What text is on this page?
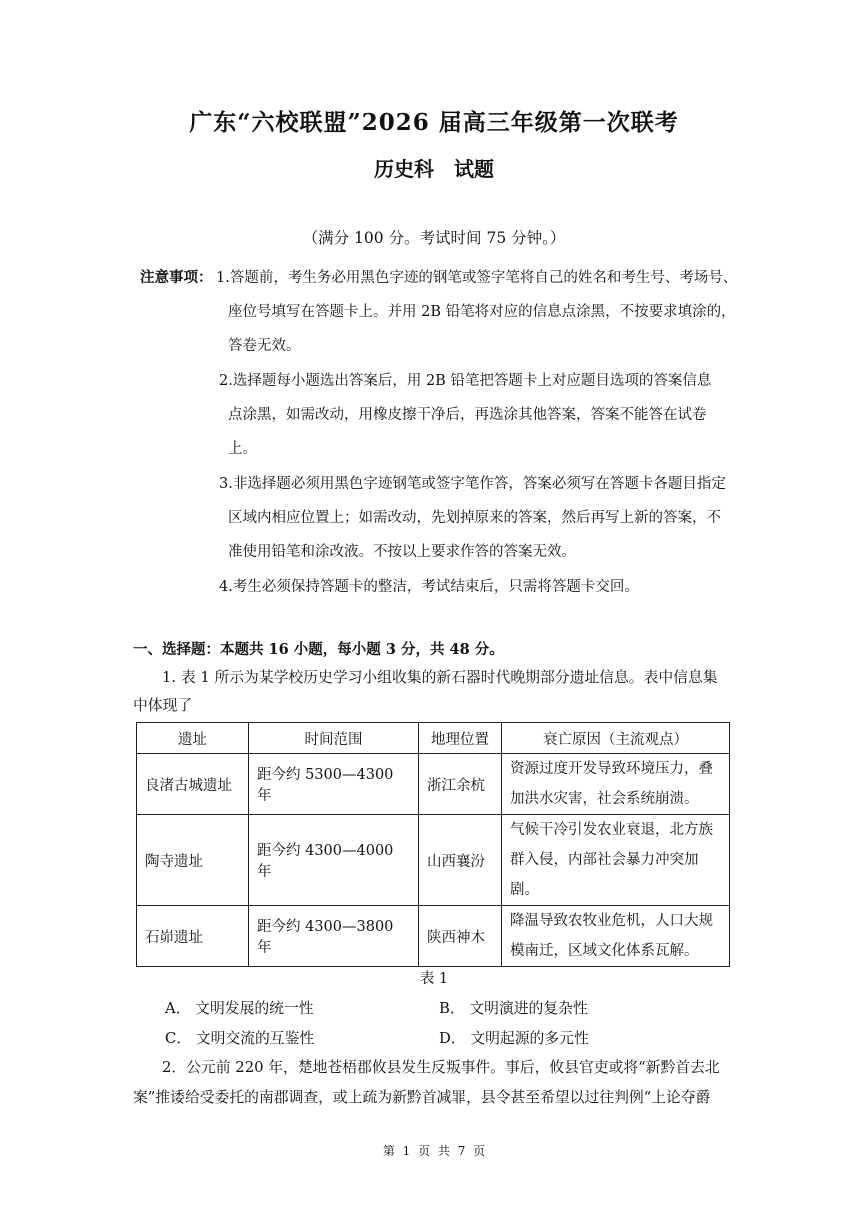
广东“六校联盟”2026 届高三年级第一次联考
历史科　试题
（满分 100 分。考试时间 75 分钟。）
注意事项： 1.答题前，考生务必用黑色字迹的钢笔或签字笔将自己的姓名和考生号、考场号、
座位号填写在答题卡上。并用 2B 铅笔将对应的信息点涂黑，不按要求填涂的，
答卷无效。
2.选择题每小题选出答案后，用 2B 铅笔把答题卡上对应题目选项的答案信息
点涂黑，如需改动，用橡皮擦干净后，再选涂其他答案，答案不能答在试卷
上。
3.非选择题必须用黑色字迹钢笔或签字笔作答，答案必须写在答题卡各题目指定
区域内相应位置上；如需改动，先划掉原来的答案，然后再写上新的答案，不
准使用铅笔和涂改液。不按以上要求作答的答案无效。
4.考生必须保持答题卡的整洁，考试结束后，只需将答题卡交回。
一、选择题：本题共 16 小题，每小题 3 分，共 48 分。
1. 表 1 所示为某学校历史学习小组收集的新石器时代晚期部分遗址信息。表中信息集
中体现了
遗址	时间范围	地理位置	衰亡原因（主流观点）
良渚古城遗址	距今约 5300—4300 年	浙江余杭	资源过度开发导致环境压力，叠
加洪水灾害，社会系统崩溃。

陶寺遗址	距今约 4300—4000 年	山西襄汾	气候干冷引发农业衰退，北方族
群入侵，内部社会暴力冲突加
剧。

石峁遗址	距今约 4300—3800 年	陕西神木	降温导致农牧业危机，人口大规
模南迁，区域文化体系瓦解。
表 1
A． 文明发展的统一性	B． 文明演进的复杂性
C． 文明交流的互鉴性	D． 文明起源的多元性
2．公元前 220 年，楚地苍梧郡攸县发生反叛事件。事后，攸县官吏或将“新黔首去北
案”推诿给受委托的南郡调查，或上疏为新黔首减罪，县令甚至希望以过往判例“上论夺爵
第 1 页 共 7 页
